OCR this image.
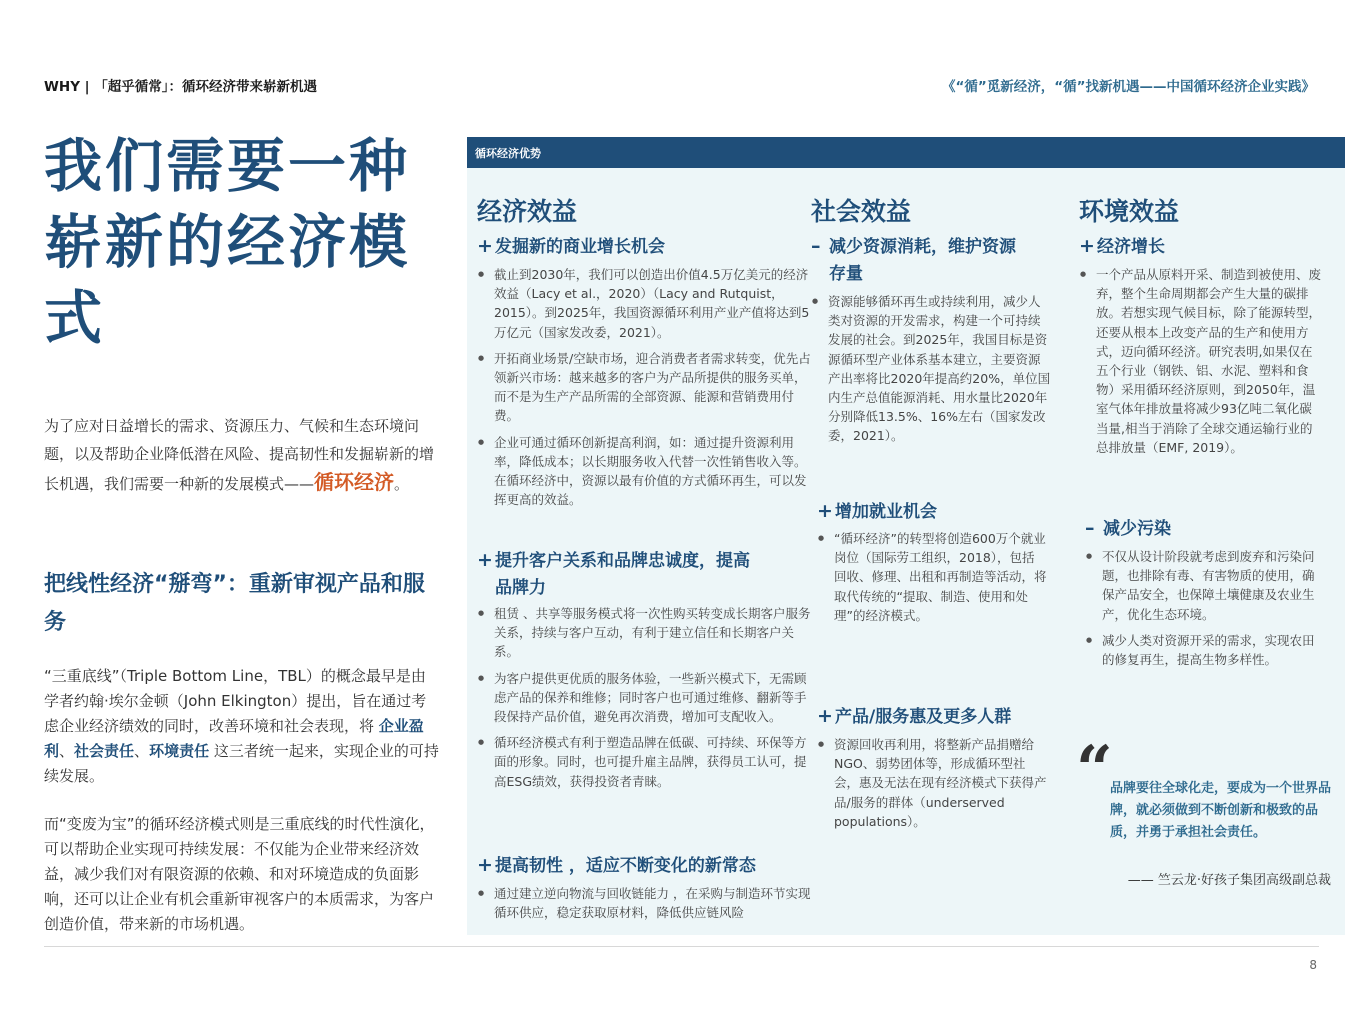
WHY | 「超乎循常」：循环经济带来崭新机遇	《“循”觅新经济，“循”找新机遇——中国循环经济企业实践》
我们需要一种崭新的经济模式

为了应对日益增长的需求、资源压力、气候和生态环境问题，以及帮助企业降低潜在风险、提高韧性和发掘崭新的增长机遇，我们需要一种新的发展模式——循环经济。

把线性经济“掰弯”：重新审视产品和服务

“三重底线”（Triple Bottom Line，TBL）的概念最早是由学者约翰·埃尔金顿（John Elkington）提出，旨在通过考虑企业经济绩效的同时，改善环境和社会表现，将 企业盈利、社会责任、环境责任 这三者统一起来，实现企业的可持续发展。

而“变废为宝”的循环经济模式则是三重底线的时代性演化，可以帮助企业实现可持续发展：不仅能为企业带来经济效益，减少我们对有限资源的依赖、和对环境造成的负面影响，还可以让企业有机会重新审视客户的本质需求，为客户创造价值，带来新的市场机遇。

循环经济优势
经济效益
+ 发掘新的商业增长机会
● 截止到2030年，我们可以创造出价值4.5万亿美元的经济效益（Lacy et al.，2020）（Lacy and Rutquist，2015）。到2025年，我国资源循环利用产业产值将达到5万亿元（国家发改委，2021）。
● 开拓商业场景/空缺市场，迎合消费者者需求转变，优先占领新兴市场：越来越多的客户为产品所提供的服务买单，而不是为生产产品所需的全部资源、能源和营销费用付费。
● 企业可通过循环创新提高利润，如：通过提升资源利用率，降低成本；以长期服务收入代替一次性销售收入等。在循环经济中，资源以最有价值的方式循环再生，可以发挥更高的效益。
+ 提升客户关系和品牌忠诚度，提高
品牌力
● 租赁 、共享等服务模式将一次性购买转变成长期客户服务关系，持续与客户互动，有利于建立信任和长期客户关系。
● 为客户提供更优质的服务体验，一些新兴模式下，无需顾虑产品的保养和维修；同时客户也可通过维修、翻新等手段保持产品价值，避免再次消费，增加可支配收入。
● 循环经济模式有利于塑造品牌在低碳、可持续、环保等方面的形象。同时，也可提升雇主品牌，获得员工认可，提高ESG绩效，获得投资者青睐。
+ 提高韧性 ，适应不断变化的新常态
● 通过建立逆向物流与回收链能力 ，在采购与制造环节实现循环供应，稳定获取原材料，降低供应链风险
社会效益
– 减少资源消耗，维护资源
存量
● 资源能够循环再生或持续利用，减少人类对资源的开发需求，构建一个可持续发展的社会。到2025年，我国目标是资源循环型产业体系基本建立，主要资源产出率将比2020年提高约20%，单位国内生产总值能源消耗、用水量比2020年分别降低13.5%、16%左右（国家发改委，2021）。
+ 增加就业机会
● “循环经济”的转型将创造600万个就业岗位（国际劳工组织，2018），包括回收、修理、出租和再制造等活动，将取代传统的“提取、制造、使用和处理”的经济模式。
+ 产品/服务惠及更多人群
● 资源回收再利用，将整新产品捐赠给NGO、弱势团体等，形成循环型社会，惠及无法在现有经济模式下获得产品/服务的群体（underserved populations）。
环境效益
+ 经济增长
● 一个产品从原料开采、制造到被使用、废弃，整个生命周期都会产生大量的碳排放。若想实现气候目标，除了能源转型，还要从根本上改变产品的生产和使用方式，迈向循环经济。研究表明,如果仅在五个行业（钢铁、铝、水泥、塑料和食物）采用循环经济原则，到2050年，温室气体年排放量将减少93亿吨二氧化碳当量,相当于消除了全球交通运输行业的总排放量（EMF, 2019）。
– 减少污染
● 不仅从设计阶段就考虑到废弃和污染问题，也排除有毒、有害物质的使用，确保产品安全，也保障土壤健康及农业生产，优化生态环境。
● 减少人类对资源开采的需求，实现农田的修复再生，提高生物多样性。
“

品牌要往全球化走，要成为一个世界品牌，就必须做到不断创新和极致的品质，并勇于承担社会责任。

—— 竺云龙·好孩子集团高级副总裁

8
